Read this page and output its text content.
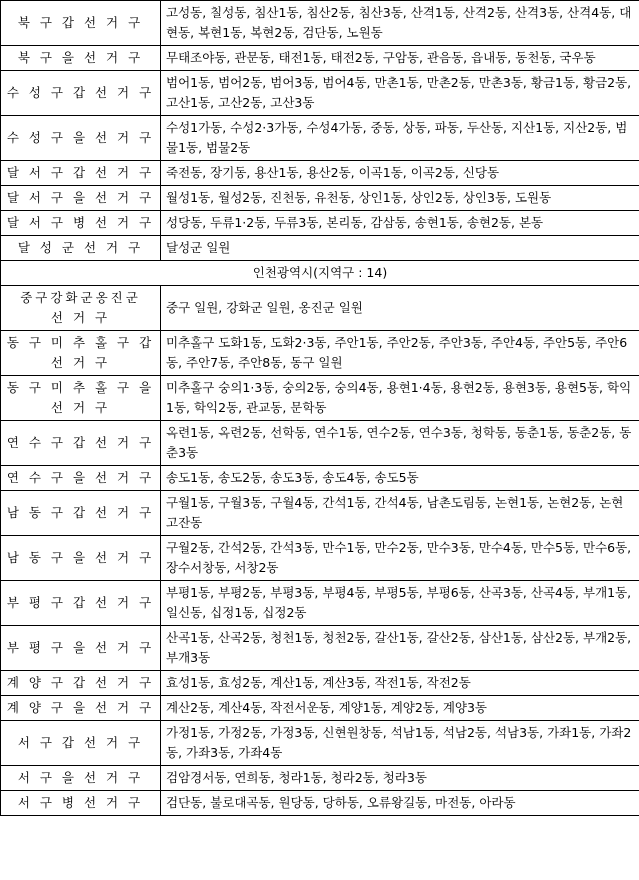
북 구 갑 선 거 구	고성동, 칠성동, 침산1동, 침산2동, 침산3동, 산격1동, 산격2동, 산격3동, 산격4동, 대현동, 복현1동, 복현2동, 검단동, 노원동
북 구 을 선 거 구	무태조야동, 관문동, 태전1동, 태전2동, 구암동, 관음동, 읍내동, 동천동, 국우동
수 성 구 갑 선 거 구	범어1동, 범어2동, 범어3동, 범어4동, 만촌1동, 만촌2동, 만촌3동, 황금1동, 황금2동, 고산1동, 고산2동, 고산3동
수 성 구 을 선 거 구	수성1가동, 수성2·3가동, 수성4가동, 중동, 상동, 파동, 두산동, 지산1동, 지산2동, 범물1동, 범물2동
달 서 구 갑 선 거 구	죽전동, 장기동, 용산1동, 용산2동, 이곡1동, 이곡2동, 신당동
달 서 구 을 선 거 구	월성1동, 월성2동, 진천동, 유천동, 상인1동, 상인2동, 상인3동, 도원동
달 서 구 병 선 거 구	성당동, 두류1·2동, 두류3동, 본리동, 감삼동, 송현1동, 송현2동, 본동
달 성 군 선 거 구	달성군 일원
인천광역시(지역구 : 14)	
중구강화군옹진군
선 거 구	중구 일원, 강화군 일원, 옹진군 일원
동 구 미 추 홀 구 갑
선 거 구	미추홀구 도화1동, 도화2·3동, 주안1동, 주안2동, 주안3동, 주안4동, 주안5동, 주안6동, 주안7동, 주안8동, 동구 일원
동 구 미 추 홀 구 을
선 거 구	미추홀구 숭의1·3동, 숭의2동, 숭의4동, 용현1·4동, 용현2동, 용현3동, 용현5동, 학익1동, 학익2동, 관교동, 문학동
연 수 구 갑 선 거 구	옥련1동, 옥련2동, 선학동, 연수1동, 연수2동, 연수3동, 청학동, 동춘1동, 동춘2동, 동춘3동
연 수 구 을 선 거 구	송도1동, 송도2동, 송도3동, 송도4동, 송도5동
남 동 구 갑 선 거 구	구월1동, 구월3동, 구월4동, 간석1동, 간석4동, 남촌도림동, 논현1동, 논현2동, 논현고잔동
남 동 구 을 선 거 구	구월2동, 간석2동, 간석3동, 만수1동, 만수2동, 만수3동, 만수4동, 만수5동, 만수6동, 장수서창동, 서창2동
부 평 구 갑 선 거 구	부평1동, 부평2동, 부평3동, 부평4동, 부평5동, 부평6동, 산곡3동, 산곡4동, 부개1동, 일신동, 십정1동, 십정2동
부 평 구 을 선 거 구	산곡1동, 산곡2동, 청천1동, 청천2동, 갈산1동, 갈산2동, 삼산1동, 삼산2동, 부개2동, 부개3동
계 양 구 갑 선 거 구	효성1동, 효성2동, 계산1동, 계산3동, 작전1동, 작전2동
계 양 구 을 선 거 구	계산2동, 계산4동, 작전서운동, 계양1동, 계양2동, 계양3동
서 구 갑 선 거 구	가정1동, 가정2동, 가정3동, 신현원창동, 석남1동, 석남2동, 석남3동, 가좌1동, 가좌2동, 가좌3동, 가좌4동
서 구 을 선 거 구	검암경서동, 연희동, 청라1동, 청라2동, 청라3동
서 구 병 선 거 구	검단동, 불로대곡동, 원당동, 당하동, 오류왕길동, 마전동, 아라동
